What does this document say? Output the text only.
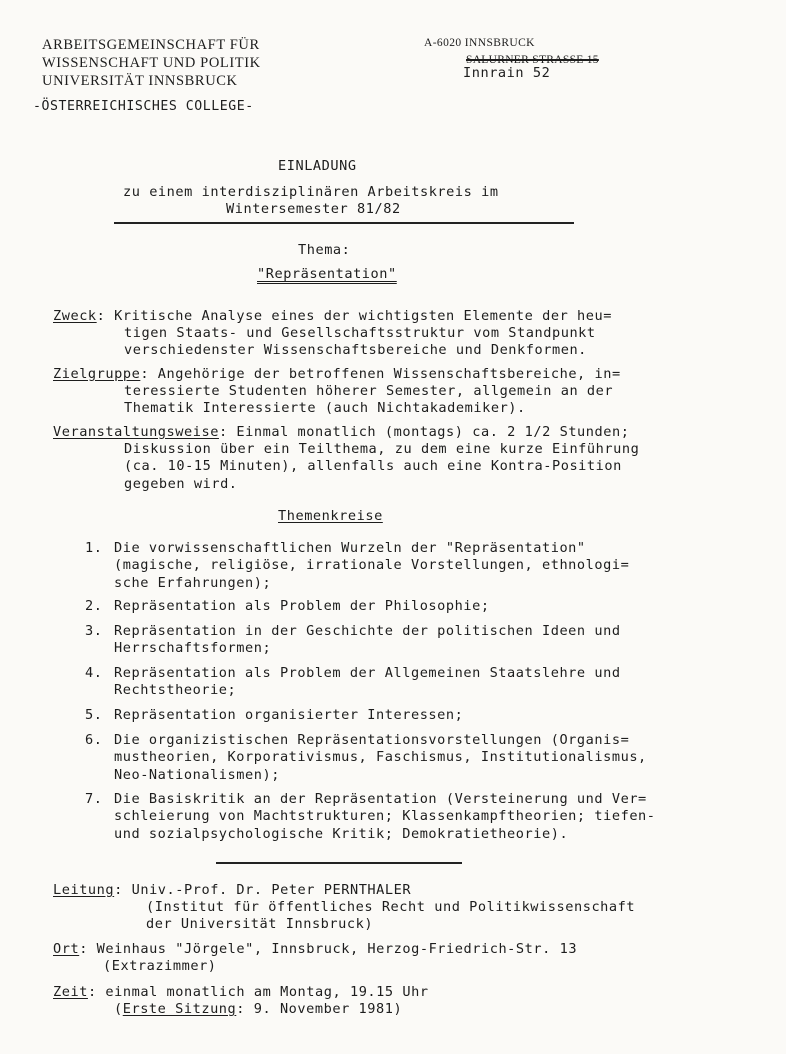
ARBEITSGEMEINSCHAFT FÜR
WISSENSCHAFT UND POLITIK
UNIVERSITÄT INNSBRUCK
-ÖSTERREICHISCHES COLLEGE-
A-6020 INNSBRUCK
SALURNER STRASSE 15
Innrain 52
EINLADUNG
zu einem interdisziplinären Arbeitskreis im
Wintersemester 81/82
Thema:
"Repräsentation"
Zweck: Kritische Analyse eines der wichtigsten Elemente der heu=
tigen Staats- und Gesellschaftsstruktur vom Standpunkt
verschiedenster Wissenschaftsbereiche und Denkformen.
Zielgruppe: Angehörige der betroffenen Wissenschaftsbereiche, in=
teressierte Studenten höherer Semester, allgemein an der
Thematik Interessierte (auch Nichtakademiker).
Veranstaltungsweise: Einmal monatlich (montags) ca. 2 1/2 Stunden;
Diskussion über ein Teilthema, zu dem eine kurze Einführung
(ca. 10-15 Minuten), allenfalls auch eine Kontra-Position
gegeben wird.
Themenkreise
1. Die vorwissenschaftlichen Wurzeln der "Repräsentation"
(magische, religiöse, irrationale Vorstellungen, ethnologi=
sche Erfahrungen);
2. Repräsentation als Problem der Philosophie;
3. Repräsentation in der Geschichte der politischen Ideen und
Herrschaftsformen;
4. Repräsentation als Problem der Allgemeinen Staatslehre und
Rechtstheorie;
5. Repräsentation organisierter Interessen;
6. Die organizistischen Repräsentationsvorstellungen (Organis=
mustheorien, Korporativismus, Faschismus, Institutionalismus,
Neo-Nationalismen);
7. Die Basiskritik an der Repräsentation (Versteinerung und Ver=
schleierung von Machtstrukturen; Klassenkampftheorien; tiefen-
und sozialpsychologische Kritik; Demokratietheorie).
Leitung: Univ.-Prof. Dr. Peter PERNTHALER
(Institut für öffentliches Recht und Politikwissenschaft
der Universität Innsbruck)
Ort: Weinhaus "Jörgele", Innsbruck, Herzog-Friedrich-Str. 13
(Extrazimmer)
Zeit: einmal monatlich am Montag, 19.15 Uhr
(Erste Sitzung: 9. November 1981)
